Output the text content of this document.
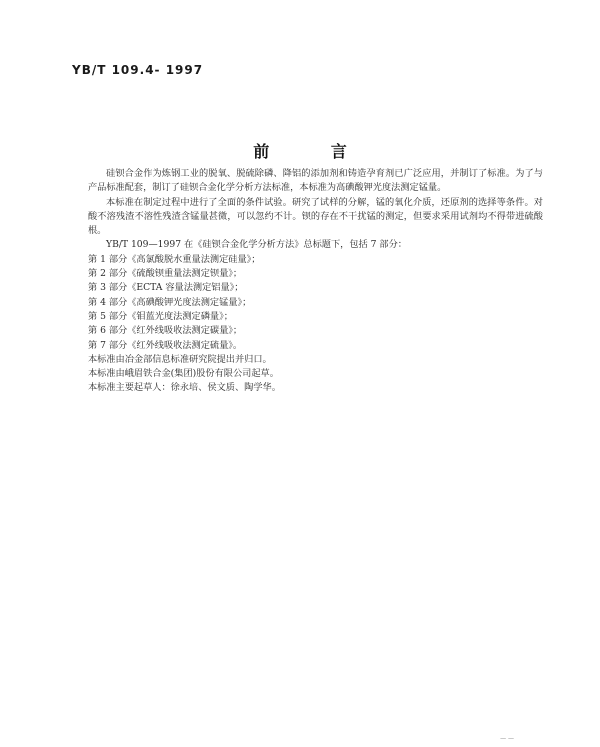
YB/T 109.4- 1997
前 言

硅钡合金作为炼钢工业的脱氧、脱硫除磷、降铝的添加剂和铸造孕育剂已广泛应用，并制订了标准。为了与产品标准配套，制订了硅钡合金化学分析方法标准，本标准为高碘酸钾光度法测定锰量。

本标准在制定过程中进行了全面的条件试验。研究了试样的分解，锰的氧化介质，还原剂的选择等条件。对酸不溶残渣不溶性残渣含锰量甚微，可以忽约不计。钡的存在不干扰锰的测定，但要求采用试剂均不得带进硫酸根。

YB/T 109—1997 在《硅钡合金化学分析方法》总标题下，包括 7 部分：

第 1 部分《高氯酸脱水重量法测定硅量》；

第 2 部分《硫酸钡重量法测定钡量》；

第 3 部分《ECTA 容量法测定铝量》；

第 4 部分《高碘酸钾光度法测定锰量》；

第 5 部分《钼蓝光度法测定磷量》；

第 6 部分《红外线吸收法测定碳量》；

第 7 部分《红外线吸收法测定硫量》。

本标准由冶金部信息标准研究院提出并归口。

本标准由峨眉铁合金(集团)股份有限公司起草。

本标准主要起草人：徐永培、侯文质、陶学华。

— —
